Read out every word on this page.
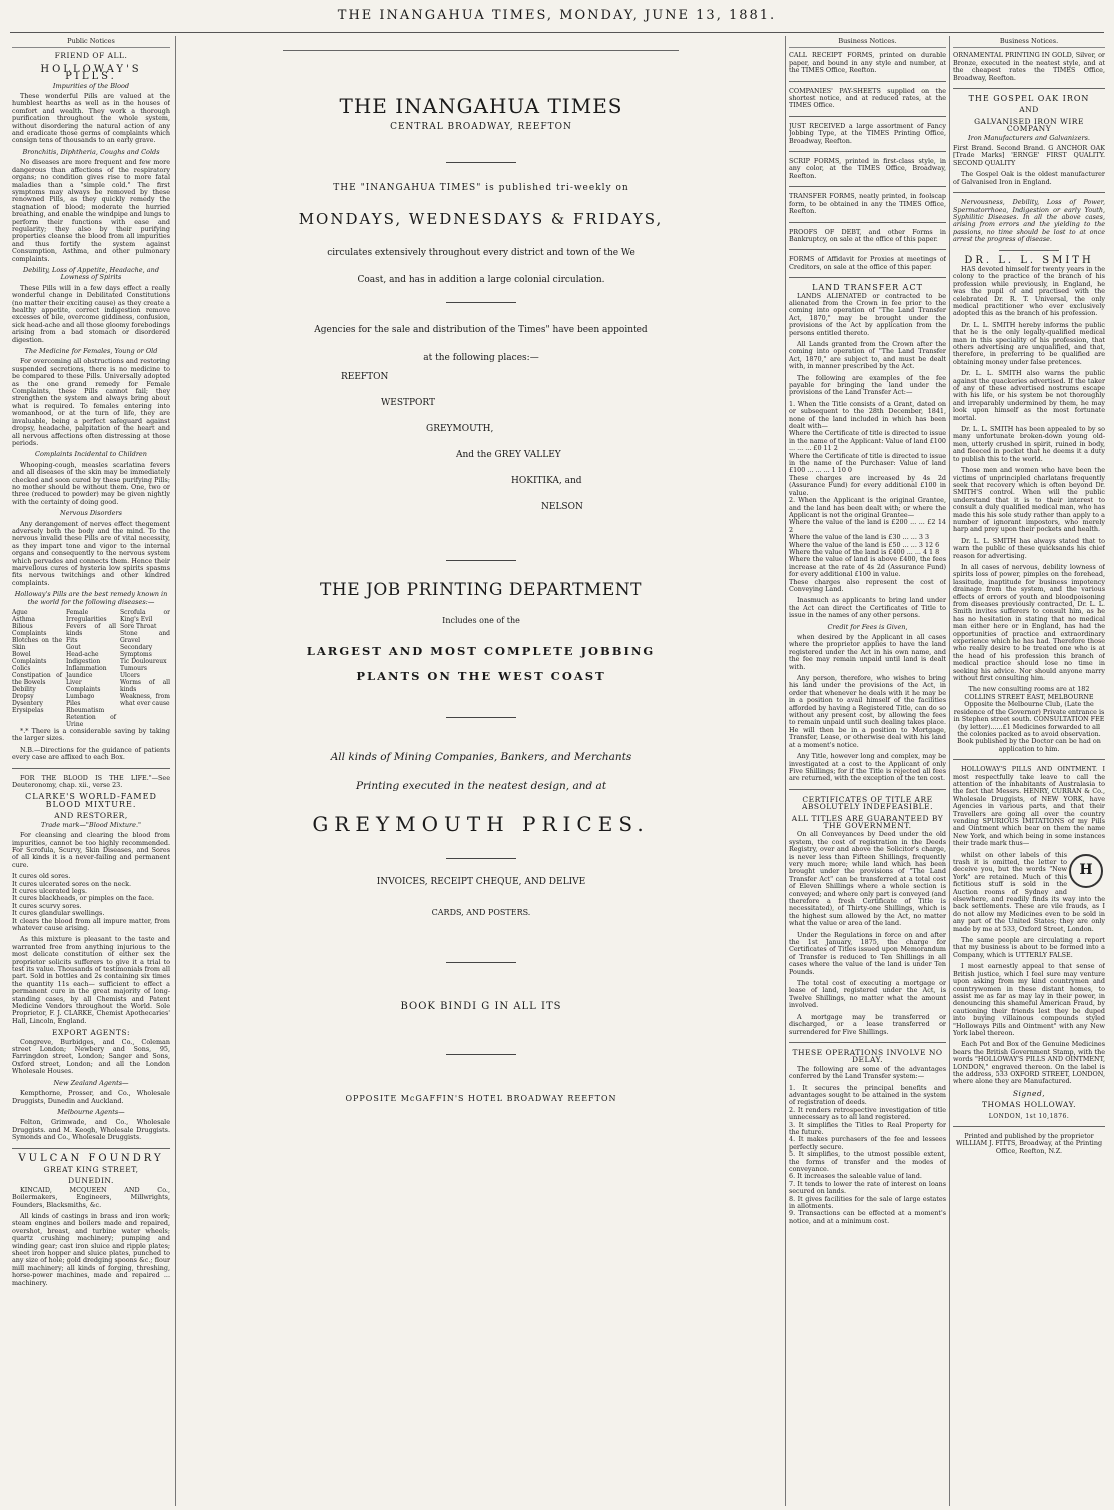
THE INANGAHUA TIMES, MONDAY, JUNE 13, 1881.
Public Notices
FRIEND OF ALL.
HOLLOWAY'S PILLS.
Impurities of the Blood

These wonderful Pills are valued at the humblest hearths as well as in the houses of comfort and wealth. They work a thorough purification throughout the whole system, without disordering the natural action of any and eradicate those germs of complaints which consign tens of thousands to an early grave.

Bronchitis, Diphtheria, Coughs and Colds

No diseases are more frequent and few more dangerous than affections of the respiratory organs; no condition gives rise to more fatal maladies than a "simple cold." The first symptoms may always be removed by these renowned Pills, as they quickly remedy the stagnation of blood; moderate the hurried breathing, and enable the windpipe and lungs to perform their functions with ease and regularity; they also by their purifying properties cleanse the blood from all impurities and thus fortify the system against Consumption, Asthma, and other pulmonary complaints.

Debility, Loss of Appetite, Headache, and Lowness of Spirits

These Pills will in a few days effect a really wonderful change in Debilitated Constitutions (no matter their exciting cause) as they create a healthy appetite, correct indigestion remove excesses of bile, overcome giddiness, confusion, sick head-ache and all those gloomy forebodings arising from a bad stomach or disordered digestion.

The Medicine for Females, Young or Old

For overcoming all obstructions and restoring suspended secretions, there is no medicine to be compared to these Pills. Universally adopted as the one grand remedy for Female Complaints, these Pills cannot fail; they strengthen the system and always bring about what is required. To females entering into womanhood, or at the turn of life, they are invaluable, being a perfect safeguard against dropsy, headache, palpitation of the heart and all nervous affections often distressing at those periods.

Complaints Incidental to Children

Whooping-cough, measles scarlatina fevers and all diseases of the skin may be immediately checked and soon cured by these purifying Pills; no mother should be without them. One, two or three (reduced to powder) may be given nightly with the certainty of doing good.

Nervous Disorders

Any derangement of nerves effect thegement adversely both the body and the mind. To the nervous invalid these Pills are of vital necessity, as they impart tone and vigor to the internal organs and consequently to the nervous system which pervades and connects them. Hence their marvellous cures of hysteria low spirits spasms fits nervous twitchings and other kindred complaints.

Holloway's Pills are the best remedy known in the world for the following diseases:—
Ague
Asthma
Bilious Complaints
Blotches on the Skin
Bowel Complaints
Colics
Constipation of the Bowels
Debility
Dropsy
Dysentery
Erysipelas
Female Irregularities
Fevers of all kinds
Fits
Gout
Head-ache
Indigestion
Inflammation
Jaundice
Liver Complaints
Lumbago
Piles
Rheumatism
Retention of Urine
Scrofula or King's Evil
Sore Throat
Stone and Gravel
Secondary Symptoms
Tic Douloureux
Tumours
Ulcers
Worms of all kinds
Weakness, from what ever cause

*.* There is a considerable saving by taking the larger sizes.

N.B.—Directions for the guidance of patients every case are affixed to each Box.

FOR THE BLOOD IS THE LIFE."—See Deuteronomy, chap. xii., verse 23.

CLARKE'S WORLD-FAMED BLOOD MIXTURE.
AND RESTORER,
Trade mark—"Blood Mixture."

For cleansing and clearing the blood from impurities, cannot be too highly recommended. For Scrofula, Scurvy, Skin Diseases, and Sores of all kinds it is a never-failing and permanent cure.

It cures old sores.
It cures ulcerated sores on the neck.
It cures ulcerated legs.
It cures blackheads, or pimples on the face.
It cures scurvy sores.
It cures glandular swellings.
It clears the blood from all impure matter, from whatever cause arising.

As this mixture is pleasant to the taste and warranted free from anything injurious to the most delicate constitution of either sex the proprietor solicits sufferers to give it a trial to test its value. Thousands of testimonials from all part. Sold in bottles and 2s containing six times the quantity 11s each— sufficient to effect a permanent cure in the great majority of long-standing cases, by all Chemists and Patent Medicine Vendors throughout the World. Sole Proprietor, F. J. CLARKE, Chemist Apothecaries' Hall, Lincoln, England.

EXPORT AGENTS:

Congreve, Burbidges, and Co., Coleman street London; Newbery and Sons, 95, Farringdon street, London; Sanger and Sons, Oxford street, London; and all the London Wholesale Houses.

New Zealand Agents—

Kempthorne, Prosser, and Co., Wholesale Druggists, Dunedin and Auckland.

Melbourne Agents—

Felton, Grimwade, and Co., Wholesale Druggists. and M. Keogh, Wholesale Druggists. Symonds and Co., Wholesale Druggists.

VULCAN FOUNDRY
GREAT KING STREET,
DUNEDIN.

KINCAID, MCQUEEN AND Co., Boilermakers, Engineers, Millwrights, Founders, Blacksmiths, &c.

All kinds of castings in brass and iron work; steam engines and boilers made and repaired, overshot, breast, and turbine water wheels; quartz crushing machinery; pumping and winding gear; cast iron sluice and ripple plates; sheet iron hopper and sluice plates, punched to any size of hole; gold dredging spoons &c.; flour mill machinery; all kinds of forging, threshing, horse-power machines, made and repaired ... machinery.

THE INANGAHUA TIMES
CENTRAL BROADWAY, REEFTON
THE "INANGAHUA TIMES" is published tri-weekly on
MONDAYS, WEDNESDAYS & FRIDAYS,
circulates extensively throughout every district and town of the We
Coast, and has in addition a large colonial circulation.
Agencies for the sale and distribution of the Times" have been appointed
at the following places:—
REEFTON
WESTPORT
GREYMOUTH,
And the GREY VALLEY
HOKITIKA, and
NELSON
THE JOB PRINTING DEPARTMENT
Includes one of the
LARGEST AND MOST COMPLETE JOBBING
PLANTS ON THE WEST COAST
All kinds of Mining Companies, Bankers, and Merchants
Printing executed in the neatest design, and at
GREYMOUTH PRICES.
INVOICES, RECEIPT CHEQUE, AND DELIVE
CARDS, AND POSTERS.
BOOK BINDI G IN ALL ITS
OPPOSITE McGAFFIN'S HOTEL BROADWAY REEFTON
Business Notices.

CALL RECEIPT FORMS, printed on durable paper, and bound in any style and number, at the TIMES Office, Reefton.

COMPANIES' PAY-SHEETS supplied on the shortest notice, and at reduced rates, at the TIMES Office.

JUST RECEIVED a large assortment of Fancy Jobbing Type, at the TIMES Printing Office, Broadway, Reefton.

SCRIP FORMS, printed in first-class style, in any color, at the TIMES Office, Broadway, Reefton.

TRANSFER FORMS, neatly printed, in foolscap form, to be obtained in any the TIMES Office, Reefton.

PROOFS OF DEBT, and other Forms in Bankruptcy, on sale at the office of this paper.

FORMS of Affidavit for Proxies at meetings of Creditors, on sale at the office of this paper.

LAND TRANSFER ACT

LANDS ALIENATED or contracted to be alienated from the Crown in fee prior to the coming into operation of "The Land Transfer Act, 1870," may be brought under the provisions of the Act by application from the persons entitled thereto.

All Lands granted from the Crown after the coming into operation of "The Land Transfer Act, 1870," are subject to, and must be dealt with, in manner prescribed by the Act.

The following are examples of the fee payable for bringing the land under the provisions of the Land Transfer Act:—

1. When the Title consists of a Grant, dated on or subsequent to the 28th December, 1841, none of the land included in which has been dealt with—
Where the Certificate of title is directed to issue in the name of the Applicant: Value of land £100 ... ... ... £0 11 2
Where the Certificate of title is directed to issue in the name of the Purchaser: Value of land £100 ... ... ... 1 10 0
These charges are increased by 4s 2d (Assurance Fund) for every additional £100 in value.
2. When the Applicant is the original Grantee, and the land has been dealt with; or where the Applicant is not the original Grantee—
Where the value of the land is £200 ... ... £2 14 2
Where the value of the land is £30 ... ... 3 3
Where the value of the land is £50 ... ... 3 12 6
Where the value of the land is £400 ... ... 4 1 8
Where the value of land is above £400, the fees increase at the rate of 4s 2d (Assurance Fund) for every additional £100 in value.
These charges also represent the cost of Conveying Land.

Inasmuch as applicants to bring land under the Act can direct the Certificates of Title to issue in the names of any other persons.

Credit for Fees is Given,

when desired by the Applicant in all cases where the proprietor applies to have the land registered under the Act in his own name, and the fee may remain unpaid until land is dealt with.

Any person, therefore, who wishes to bring his land under the provisions of the Act, in order that whenever he deals with it he may be in a position to avail himself of the facilities afforded by having a Registered Title, can do so without any present cost, by allowing the fees to remain unpaid until such dealing takes place. He will then be in a position to Mortgage, Transfer, Lease, or otherwise deal with his land at a moment's notice.

Any Title, however long and complex, may be investigated at a cost to the Applicant of only Five Shillings; for if the Title is rejected all fees are returned, with the exception of the ten cost.

CERTIFICATES OF TITLE ARE ABSOLUTELY INDEFEASIBLE.
ALL TITLES ARE GUARANTEED BY THE GOVERNMENT.

On all Conveyances by Deed under the old system, the cost of registration in the Deeds Registry, over and above the Solicitor's charge, is never less than Fifteen Shillings, frequently very much more; while land which has been brought under the provisions of "The Land Transfer Act" can be transferred at a total cost of Eleven Shillings where a whole section is conveyed; and where only part is conveyed (and therefore a fresh Certificate of Title is necessitated), of Thirty-one Shillings, which is the highest sum allowed by the Act, no matter what the value or area of the land.

Under the Regulations in force on and after the 1st January, 1875, the charge for Certificates of Titles issued upon Memorandum of Transfer is reduced to Ten Shillings in all cases where the value of the land is under Ten Pounds.

The total cost of executing a mortgage or lease of land, registered under the Act, is Twelve Shillings, no matter what the amount involved.

A mortgage may be transferred or discharged, or a lease transferred or surrendered for Five Shillings.

THESE OPERATIONS INVOLVE NO DELAY.

The following are some of the advantages conferred by the Land Transfer system:—

1. It secures the principal benefits and advantages sought to be attained in the system of registration of deeds.
2. It renders retrospective investigation of title unnecessary as to all land registered.
3. It simplifies the Titles to Real Property for the future.
4. It makes purchasers of the fee and lessees perfectly secure.
5. It simplifies, to the utmost possible extent, the forms of transfer and the modes of conveyance.
6. It increases the saleable value of land.
7. It tends to lower the rate of interest on loans secured on lands.
8. It gives facilities for the sale of large estates in allotments.
9. Transactions can be effected at a moment's notice, and at a minimum cost.

Business Notices.

ORNAMENTAL PRINTING IN GOLD, Silver, or Bronze, executed in the neatest style, and at the cheapest rates the TIMES Office, Broadway, Reefton.

THE GOSPEL OAK IRON
AND
GALVANISED IRON WIRE COMPANY
Iron Manufacturers and Galvanizers.

First Brand. Second Brand. G ANCHOR OAK [Trade Marks] 'ERNGE' FIRST QUALITY. SECOND QUALITY

The Gospel Oak is the oldest manufacturer of Galvanised Iron in England.

Nervousness, Debility, Loss of Power, Spermatorrhoea, Indigestion or early Youth, Syphilitic Diseases. In all the above cases, arising from errors and the yielding to the passions, no time should be lost to at once arrest the progress of disease.

DR. L. L. SMITH

HAS devoted himself for twenty years in the colony to the practice of the branch of his profession while previously, in England, he was the pupil of and practised with the celebrated Dr. R. T. Universal, the only medical practitioner who ever exclusively adopted this as the branch of his profession.

Dr. L. L. SMITH hereby informs the public that he is the only legally-qualified medical man in this speciality of his profession, that others advertising are unqualified, and that, therefore, in preferring to be qualified are obtaining money under false pretences.

Dr. L. L. SMITH also warns the public against the quackeries advertised. If the taker of any of these advertised nostrums escape with his life, or his system be not thoroughly and irreparably undermined by them, he may look upon himself as the most fortunate mortal.

Dr. L. L. SMITH has been appealed to by so many unfortunate broken-down young old-men, utterly crushed in spirit, ruined in body, and fleeced in pocket that he deems it a duty to publish this to the world.

Those men and women who have been the victims of unprincipled charlatans frequently seek that recovery which is often beyond Dr. SMITH'S control. When will the public understand that it is to their interest to consult a duly qualified medical man, who has made this his sole study rather than apply to a number of ignorant impostors, who merely harp and prey upon their pockets and health.

Dr. L. L. SMITH has always stated that to warn the public of these quicksands his chief reason for advertising.

In all cases of nervous, debility lowness of spirits loss of power, pimples on the forehead, lassitude, inaptitude for business impotency drainage from the system, and the various effects of errors of youth and bloodpoisoning from diseases previously contracted, Dr. L. L. Smith invites sufferers to consult him, as he has no hesitation in stating that no medical man either here or in England, has had the opportunities of practice and extraordinary experience which he has had. Therefore those who really desire to be treated one who is at the head of his profession this branch of medical practice should lose no time in seeking his advice. Nor should anyone marry without first consulting him.

The new consulting rooms are at 182 COLLINS STREET EAST, MELBOURNE Opposite the Melbourne Club, (Late the residence of the Governor) Private entrance is in Stephen street south. CONSULTATION FEE (by letter)......£1 Medicines forwarded to all the colonies packed as to avoid observation. Book published by the Doctor can be had on application to him.

HOLLOWAY'S PILLS AND OINTMENT. I most respectfully take leave to call the attention of the inhabitants of Australasia to the fact that Messrs. HENRY, CURRAN & Co., Wholesale Druggists, of NEW YORK, have Agencies in various parts, and that their Travellers are going all over the country vending SPURIOUS IMITATIONS of my Pills and Ointment which bear on them the name New York, and which being in some instances their trade mark thus—

H

whilst on other labels of this trash it is omitted, the letter to deceive you, but the words "New York" are retained. Much of this fictitious stuff is sold in the Auction rooms of Sydney and elsewhere, and readily finds its way into the back settlements. These are vile frauds, as I do not allow my Medicines even to be sold in any part of the United States; they are only made by me at 533, Oxford Street, London.

The same people are circulating a report that my business is about to be formed into a Company, which is UTTERLY FALSE.

I most earnestly appeal to that sense of British justice, which I feel sure may venture upon asking from my kind countrymen and countrywomen in these distant homes, to assist me as far as may lay in their power, in denouncing this shameful American Fraud, by cautioning their friends lest they be duped into buying villainous compounds styled "Holloways Pills and Ointment" with any New York label thereon.

Each Pot and Box of the Genuine Medicines bears the British Government Stamp, with the words "HOLLOWAY'S PILLS AND OINTMENT, LONDON," engraved thereon. On the label is the address, 533 OXFORD STREET, LONDON, where alone they are Manufactured.

Signed,
THOMAS HOLLOWAY.
LONDON, 1st 10,1876.

Printed and published by the proprietor WILLIAM J. FITTS, Broadway, at the Printing Office, Reefton, N.Z.
